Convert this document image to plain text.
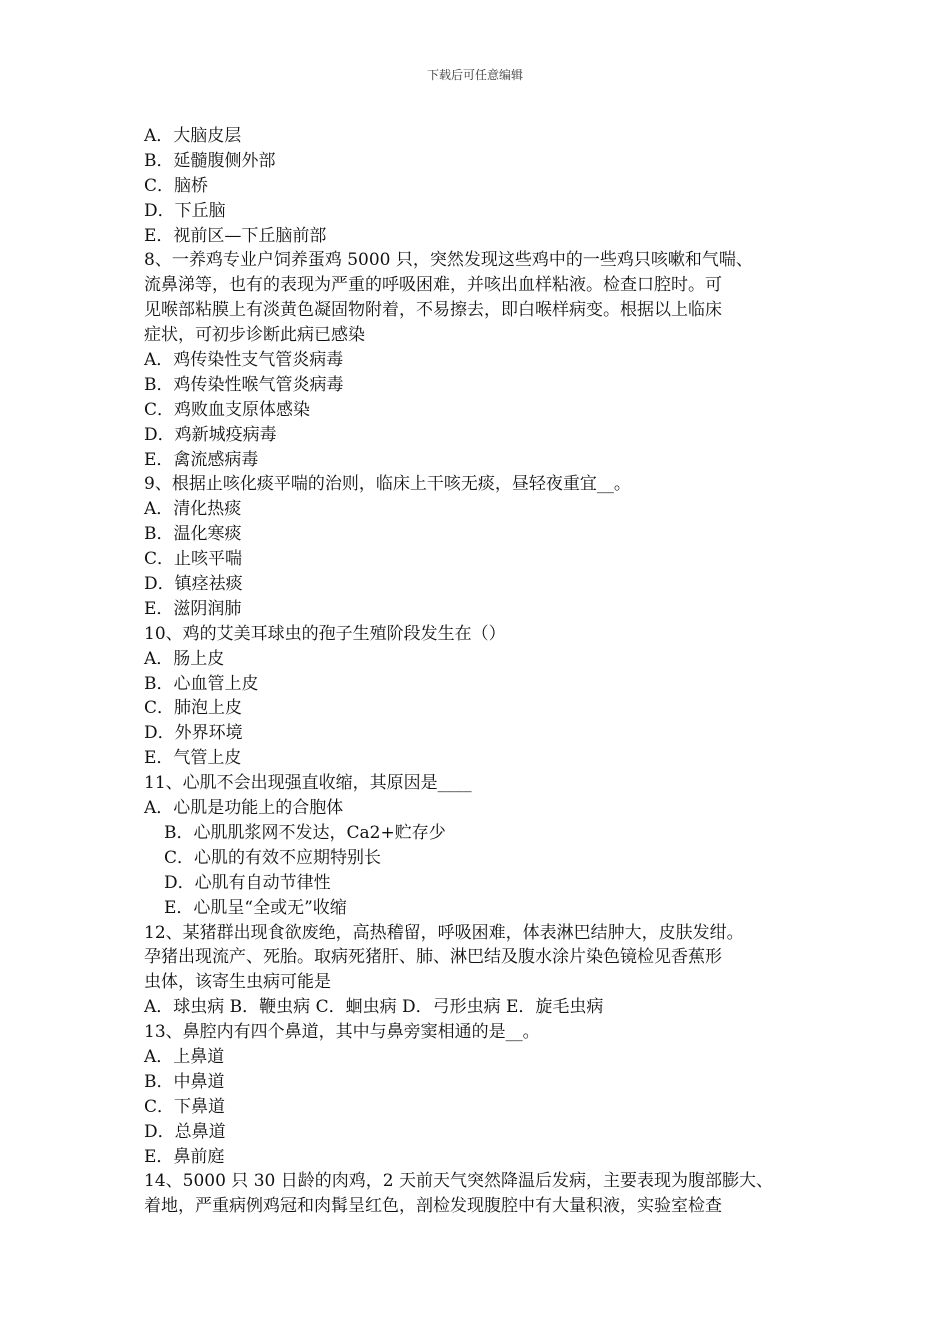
下载后可任意编辑
A．大脑皮层
B．延髓腹侧外部
C．脑桥
D．下丘脑
E．视前区—下丘脑前部
8、一养鸡专业户饲养蛋鸡 5000 只，突然发现这些鸡中的一些鸡只咳嗽和气喘、
流鼻涕等，也有的表现为严重的呼吸困难，并咳出血样粘液。检查口腔时。可
见喉部粘膜上有淡黄色凝固物附着，不易擦去，即白喉样病变。根据以上临床
症状，可初步诊断此病已感染
A．鸡传染性支气管炎病毒
B．鸡传染性喉气管炎病毒
C．鸡败血支原体感染
D．鸡新城疫病毒
E．禽流感病毒
9、根据止咳化痰平喘的治则，临床上干咳无痰，昼轻夜重宜__。
A．清化热痰
B．温化寒痰
C．止咳平喘
D．镇痉祛痰
E．滋阴润肺
10、鸡的艾美耳球虫的孢子生殖阶段发生在（）
A．肠上皮
B．心血管上皮
C．肺泡上皮
D．外界环境
E．气管上皮
11、心肌不会出现强直收缩，其原因是____
A．心肌是功能上的合胞体
B．心肌肌浆网不发达，Ca2+贮存少
C．心肌的有效不应期特别长
D．心肌有自动节律性
E．心肌呈“全或无”收缩
12、某猪群出现食欲废绝，高热稽留，呼吸困难，体表淋巴结肿大，皮肤发绀。
孕猪出现流产、死胎。取病死猪肝、肺、淋巴结及腹水涂片染色镜检见香蕉形
虫体，该寄生虫病可能是
A．球虫病 B．鞭虫病 C．蛔虫病 D．弓形虫病 E．旋毛虫病
13、鼻腔内有四个鼻道，其中与鼻旁窦相通的是__。
A．上鼻道
B．中鼻道
C．下鼻道
D．总鼻道
E．鼻前庭
14、5000 只 30 日龄的肉鸡，2 天前天气突然降温后发病，主要表现为腹部膨大、
着地，严重病例鸡冠和肉髯呈红色，剖检发现腹腔中有大量积液，实验室检查
